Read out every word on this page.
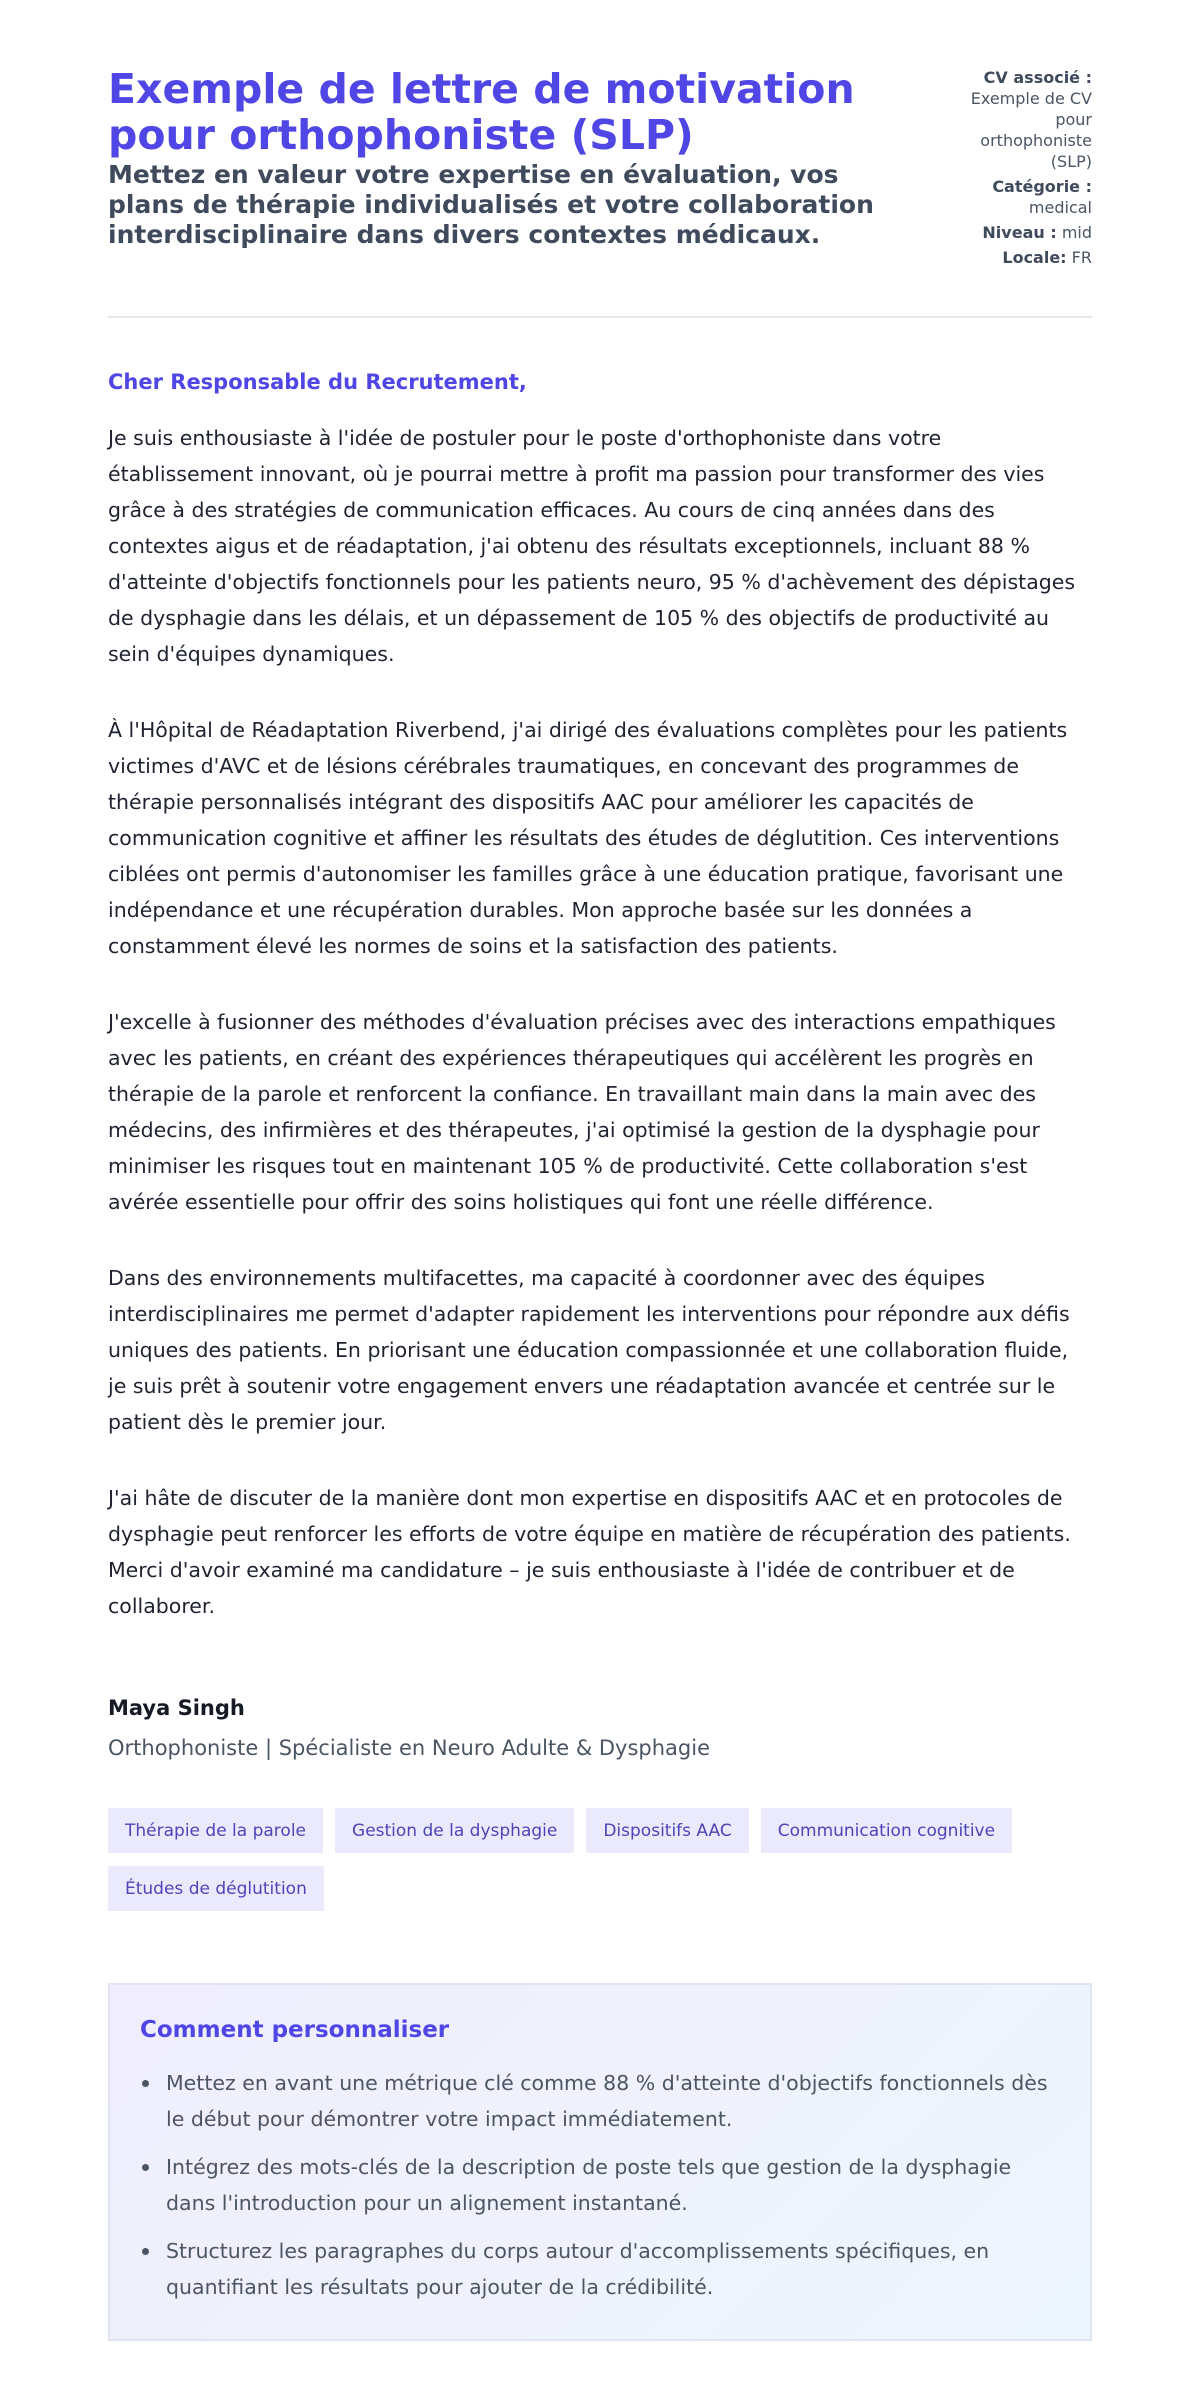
Exemple de lettre de motivation pour orthophoniste (SLP)
Mettez en valeur votre expertise en évaluation, vos plans de thérapie individualisés et votre collaboration interdisciplinaire dans divers contextes médicaux.
CV associé :
Exemple de CV pour orthophoniste (SLP)
Catégorie :
medical
Niveau : mid
Locale: FR
Cher Responsable du Recrutement,

Je suis enthousiaste à l'idée de postuler pour le poste d'orthophoniste dans votre établissement innovant, où je pourrai mettre à profit ma passion pour transformer des vies grâce à des stratégies de communication efficaces. Au cours de cinq années dans des contextes aigus et de réadaptation, j'ai obtenu des résultats exceptionnels, incluant 88 % d'atteinte d'objectifs fonctionnels pour les patients neuro, 95 % d'achèvement des dépistages de dysphagie dans les délais, et un dépassement de 105 % des objectifs de productivité au sein d'équipes dynamiques.

À l'Hôpital de Réadaptation Riverbend, j'ai dirigé des évaluations complètes pour les patients victimes d'AVC et de lésions cérébrales traumatiques, en concevant des programmes de thérapie personnalisés intégrant des dispositifs AAC pour améliorer les capacités de communication cognitive et affiner les résultats des études de déglutition. Ces interventions ciblées ont permis d'autonomiser les familles grâce à une éducation pratique, favorisant une indépendance et une récupération durables. Mon approche basée sur les données a constamment élevé les normes de soins et la satisfaction des patients.

J'excelle à fusionner des méthodes d'évaluation précises avec des interactions empathiques avec les patients, en créant des expériences thérapeutiques qui accélèrent les progrès en thérapie de la parole et renforcent la confiance. En travaillant main dans la main avec des médecins, des infirmières et des thérapeutes, j'ai optimisé la gestion de la dysphagie pour minimiser les risques tout en maintenant 105 % de productivité. Cette collaboration s'est avérée essentielle pour offrir des soins holistiques qui font une réelle différence.

Dans des environnements multifacettes, ma capacité à coordonner avec des équipes interdisciplinaires me permet d'adapter rapidement les interventions pour répondre aux défis uniques des patients. En priorisant une éducation compassionnée et une collaboration fluide, je suis prêt à soutenir votre engagement envers une réadaptation avancée et centrée sur le patient dès le premier jour.

J'ai hâte de discuter de la manière dont mon expertise en dispositifs AAC et en protocoles de dysphagie peut renforcer les efforts de votre équipe en matière de récupération des patients. Merci d'avoir examiné ma candidature – je suis enthousiaste à l'idée de contribuer et de collaborer.

Maya Singh
Orthophoniste | Spécialiste en Neuro Adulte & Dysphagie
Thérapie de la parole	Gestion de la dysphagie	Dispositifs AAC	Communication cognitive
Études de déglutition
Comment personnaliser
Mettez en avant une métrique clé comme 88 % d'atteinte d'objectifs fonctionnels dès le début pour démontrer votre impact immédiatement.
Intégrez des mots-clés de la description de poste tels que gestion de la dysphagie dans l'introduction pour un alignement instantané.
Structurez les paragraphes du corps autour d'accomplissements spécifiques, en quantifiant les résultats pour ajouter de la crédibilité.
